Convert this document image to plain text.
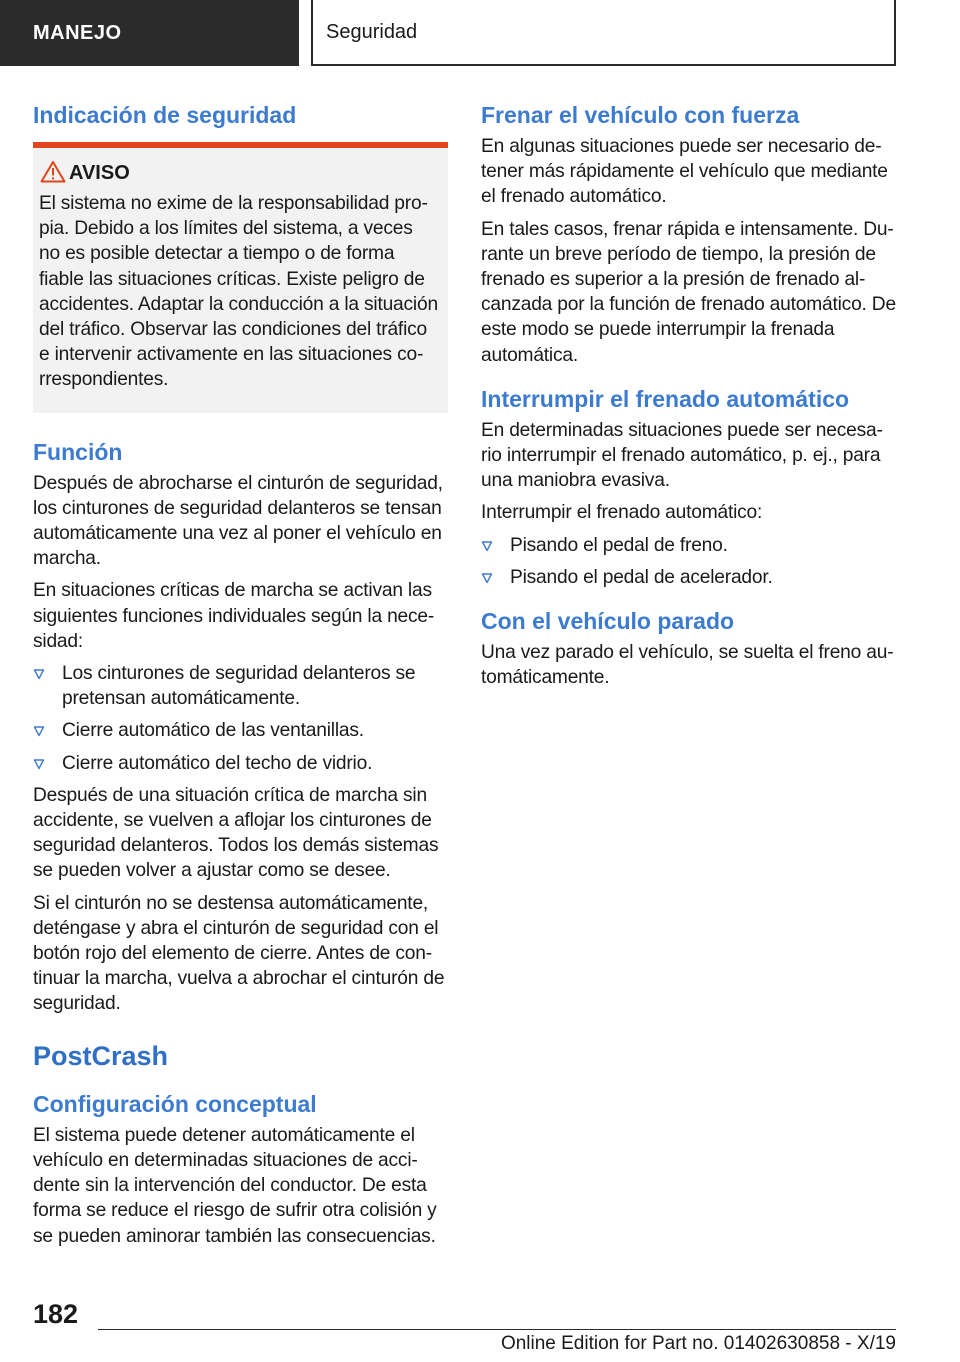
MANEJO	Seguridad
Indicación de seguridad
AVISO

El sistema no exime de la responsabilidad propia. Debido a los límites del sistema, a veces no es posible detectar a tiempo o de forma fiable las situaciones críticas. Existe peligro de accidentes. Adaptar la conducción a la situación del tráfico. Observar las condiciones del tráfico e intervenir activamente en las situaciones correspondientes.

Función

Después de abrocharse el cinturón de seguridad, los cinturones de seguridad delanteros se tensan automáticamente una vez al poner el vehículo en marcha.

En situaciones críticas de marcha se activan las siguientes funciones individuales según la necesidad:

Los cinturones de seguridad delanteros se pretensan automáticamente.
Cierre automático de las ventanillas.
Cierre automático del techo de vidrio.

Después de una situación crítica de marcha sin accidente, se vuelven a aflojar los cinturones de seguridad delanteros. Todos los demás sistemas se pueden volver a ajustar como se desee.

Si el cinturón no se destensa automáticamente, deténgase y abra el cinturón de seguridad con el botón rojo del elemento de cierre. Antes de continuar la marcha, vuelva a abrochar el cinturón de seguridad.

PostCrash
Configuración conceptual

El sistema puede detener automáticamente el vehículo en determinadas situaciones de accidente sin la intervención del conductor. De esta forma se reduce el riesgo de sufrir otra colisión y se pueden aminorar también las consecuencias.

Frenar el vehículo con fuerza

En algunas situaciones puede ser necesario detener más rápidamente el vehículo que mediante el frenado automático.

En tales casos, frenar rápida e intensamente. Durante un breve período de tiempo, la presión de frenado es superior a la presión de frenado alcanzada por la función de frenado automático. De este modo se puede interrumpir la frenada automática.

Interrumpir el frenado automático

En determinadas situaciones puede ser necesario interrumpir el frenado automático, p. ej., para una maniobra evasiva.

Interrumpir el frenado automático:

Pisando el pedal de freno.
Pisando el pedal de acelerador.
Con el vehículo parado

Una vez parado el vehículo, se suelta el freno automáticamente.

182
Online Edition for Part no. 01402630858 - X/19
